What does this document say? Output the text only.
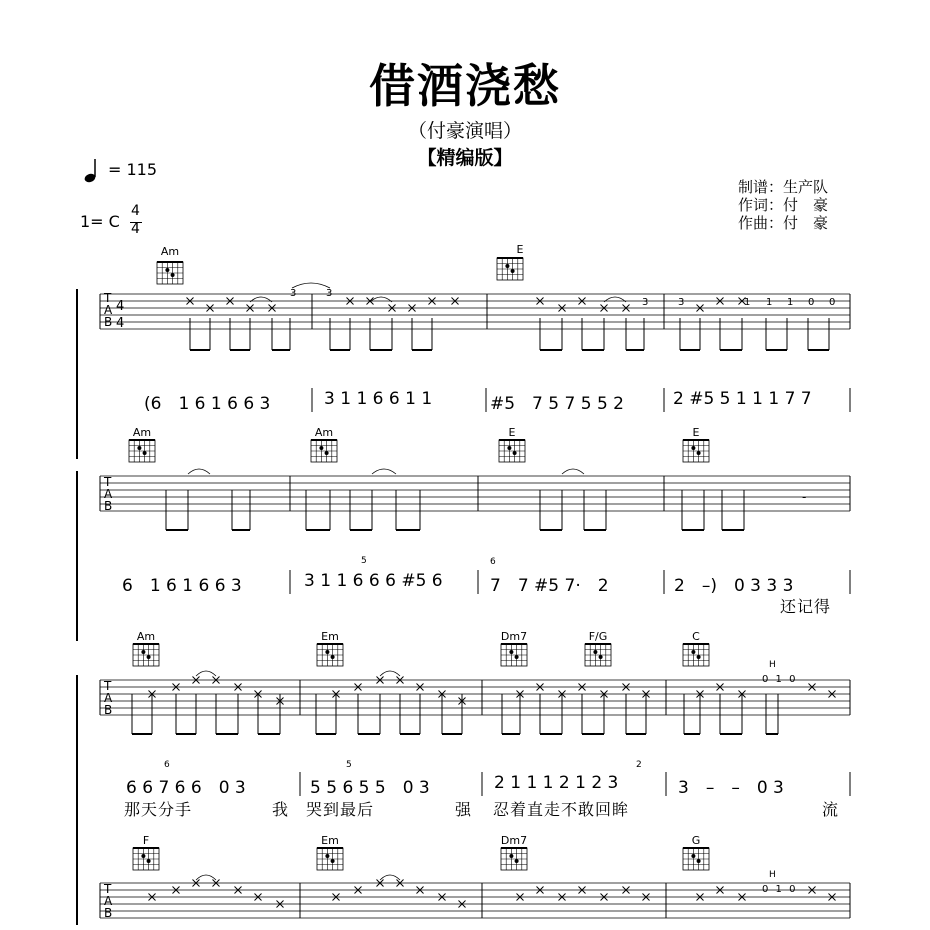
借酒浇愁
（付豪演唱）
【精编版】
= 115
1= C
4
4
制谱：生产队
作词：付　豪
作曲：付　豪
Am	E
Am	Am	E	E
Am	Em	Dm7	F/G	C
F	Em	Dm7	G
T
A
B
4
4
T
A
B
T
A
B
T
A
B
3	3
3	3	1 1 1 0 0
-
H
0 1 0
H
0 1 0
(6　1 6 1 6 6 3	3 1 1 6 6 1 1	#5　7 5 7 5 5 2	2 #5 5 1 1 1 7 7
6　1 6 1 6 6 3	3 1 1 6 6 6 #5 6	7　7 #5 7·　2	2　–)　0 3 3 3
5	6
还记得
6 6 7 6 6　0 3	5 5 6 5 5　0 3	2 1 1 1 2 1 2 3	3　–　–　0 3
6	5	2
那天分手	我 哭到最后	强 忍着直走不敢回眸	流
